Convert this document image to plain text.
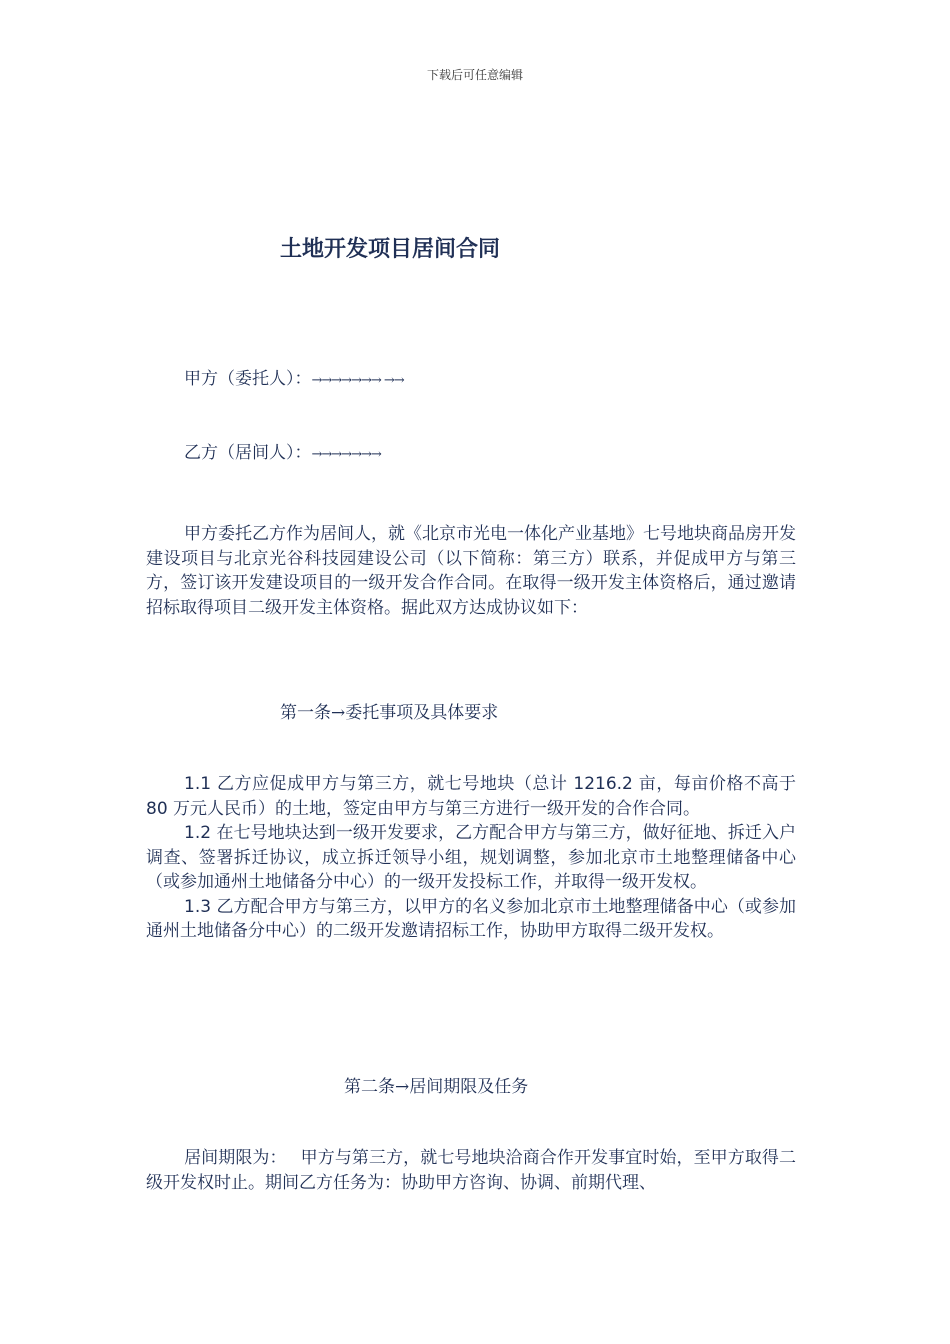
下载后可任意编辑
土地开发项目居间合同
甲方（委托人）：→→→→→→→ →→
乙方（居间人）：→→→→→→→

甲方委托乙方作为居间人，就《北京市光电一体化产业基地》七号地块商品房开发建设项目与北京光谷科技园建设公司（以下简称：第三方）联系，并促成甲方与第三方，签订该开发建设项目的一级开发合作合同。在取得一级开发主体资格后，通过邀请招标取得项目二级开发主体资格。据此双方达成协议如下：

第一条→委托事项及具体要求

1.1 乙方应促成甲方与第三方，就七号地块（总计 1216.2 亩，每亩价格不高于 80 万元人民币）的土地，签定由甲方与第三方进行一级开发的合作合同。

1.2 在七号地块达到一级开发要求，乙方配合甲方与第三方，做好征地、拆迁入户调查、签署拆迁协议，成立拆迁领导小组，规划调整，参加北京市土地整理储备中心（或参加通州土地储备分中心）的一级开发投标工作，并取得一级开发权。

1.3 乙方配合甲方与第三方，以甲方的名义参加北京市土地整理储备中心（或参加通州土地储备分中心）的二级开发邀请招标工作，协助甲方取得二级开发权。

第二条→居间期限及任务

居间期限为：　 甲方与第三方，就七号地块洽商合作开发事宜时始，至甲方取得二级开发权时止。期间乙方任务为：协助甲方咨询、协调、前期代理、
